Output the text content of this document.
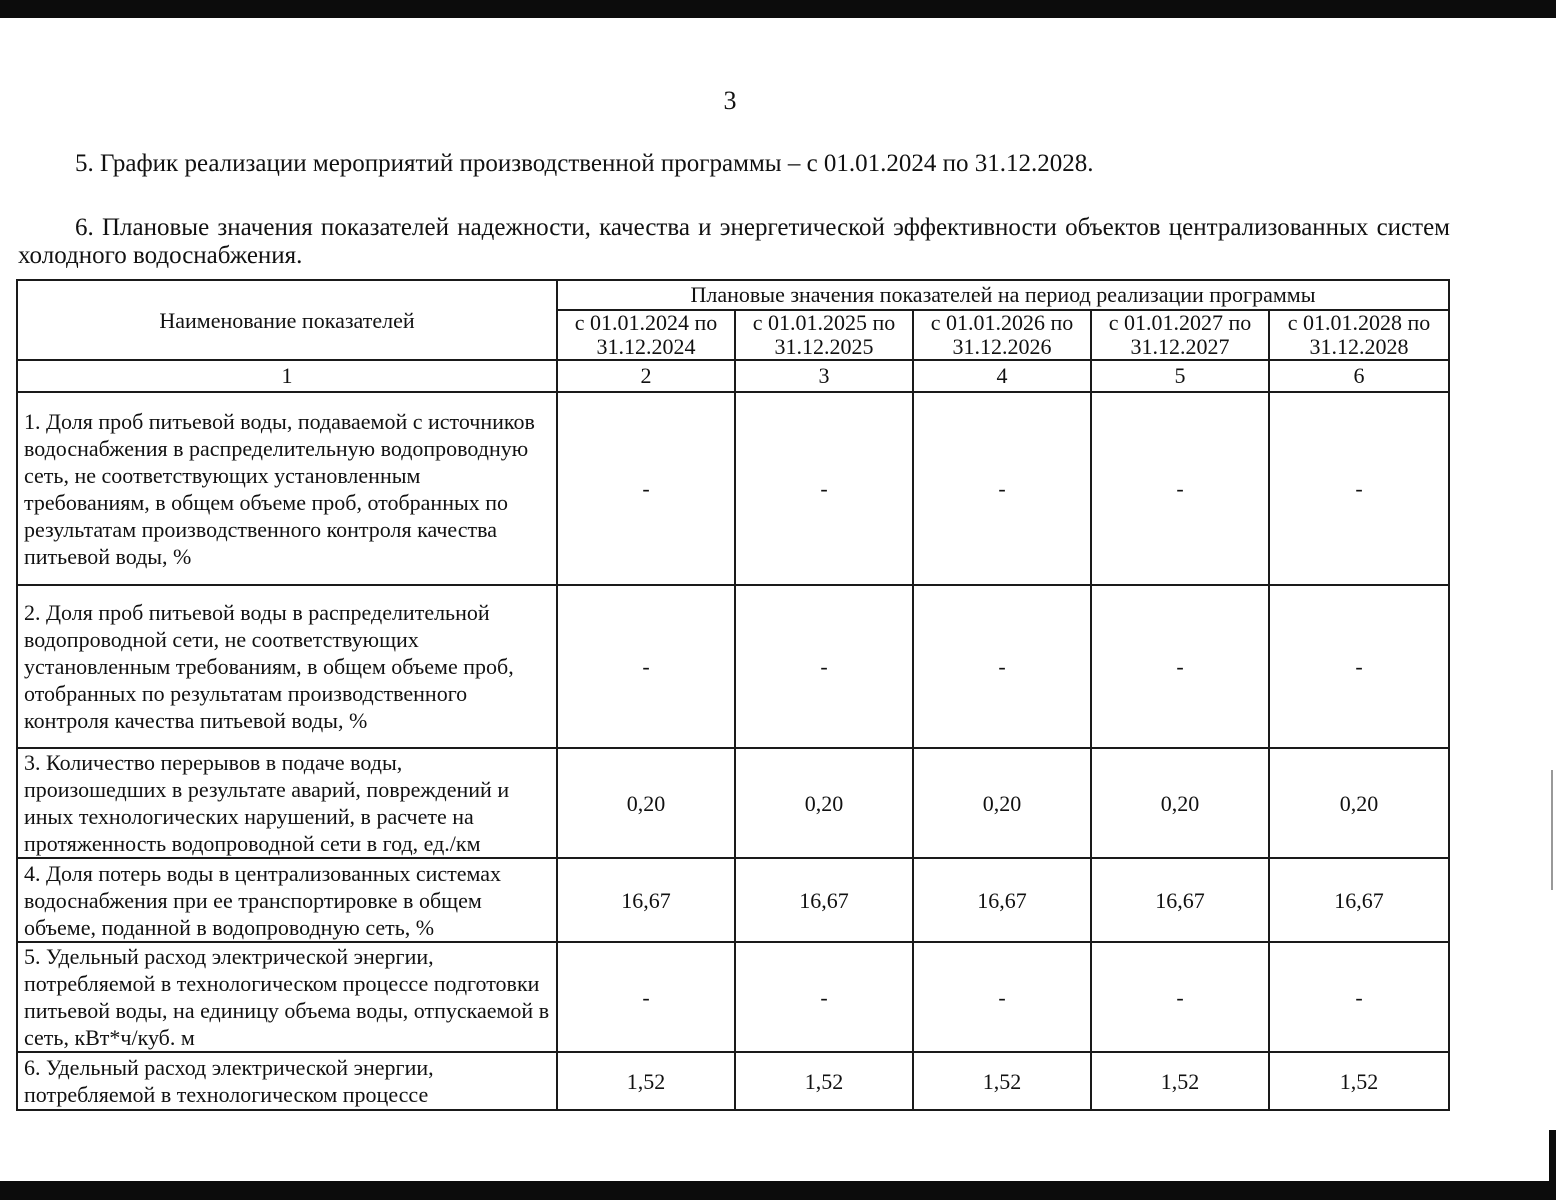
3
5. График реализации мероприятий производственной программы – с 01.01.2024 по 31.12.2028.
6. Плановые значения показателей надежности, качества и энергетической эффективности объектов централизованных систем холодного водоснабжения.
Наименование показателей	Плановые значения показателей на период реализации программы				
	с 01.01.2024 по 31.12.2024	с 01.01.2025 по 31.12.2025	с 01.01.2026 по 31.12.2026	с 01.01.2027 по 31.12.2027	с 01.01.2028 по 31.12.2028
1	2	3	4	5	6
1. Доля проб питьевой воды, подаваемой с источников водоснабжения в распределительную водопроводную сеть, не соответствующих установленным требованиям, в общем объеме проб, отобранных по результатам производственного контроля качества питьевой воды, %	-	-	-	-	-
2. Доля проб питьевой воды в распределительной водопроводной сети, не соответствующих установленным требованиям, в общем объеме проб, отобранных по результатам производственного контроля качества питьевой воды, %	-	-	-	-	-
3. Количество перерывов в подаче воды, произошедших в результате аварий, повреждений и иных технологических нарушений, в расчете на протяженность водопроводной сети в год, ед./км	0,20	0,20	0,20	0,20	0,20
4. Доля потерь воды в централизованных системах водоснабжения при ее транспортировке в общем объеме, поданной в водопроводную сеть, %	16,67	16,67	16,67	16,67	16,67
5. Удельный расход электрической энергии, потребляемой в технологическом процессе подготовки питьевой воды, на единицу объема воды, отпускаемой в сеть, кВт*ч/куб. м	-	-	-	-	-
6. Удельный расход электрической энергии, потребляемой в технологическом процессе	1,52	1,52	1,52	1,52	1,52
